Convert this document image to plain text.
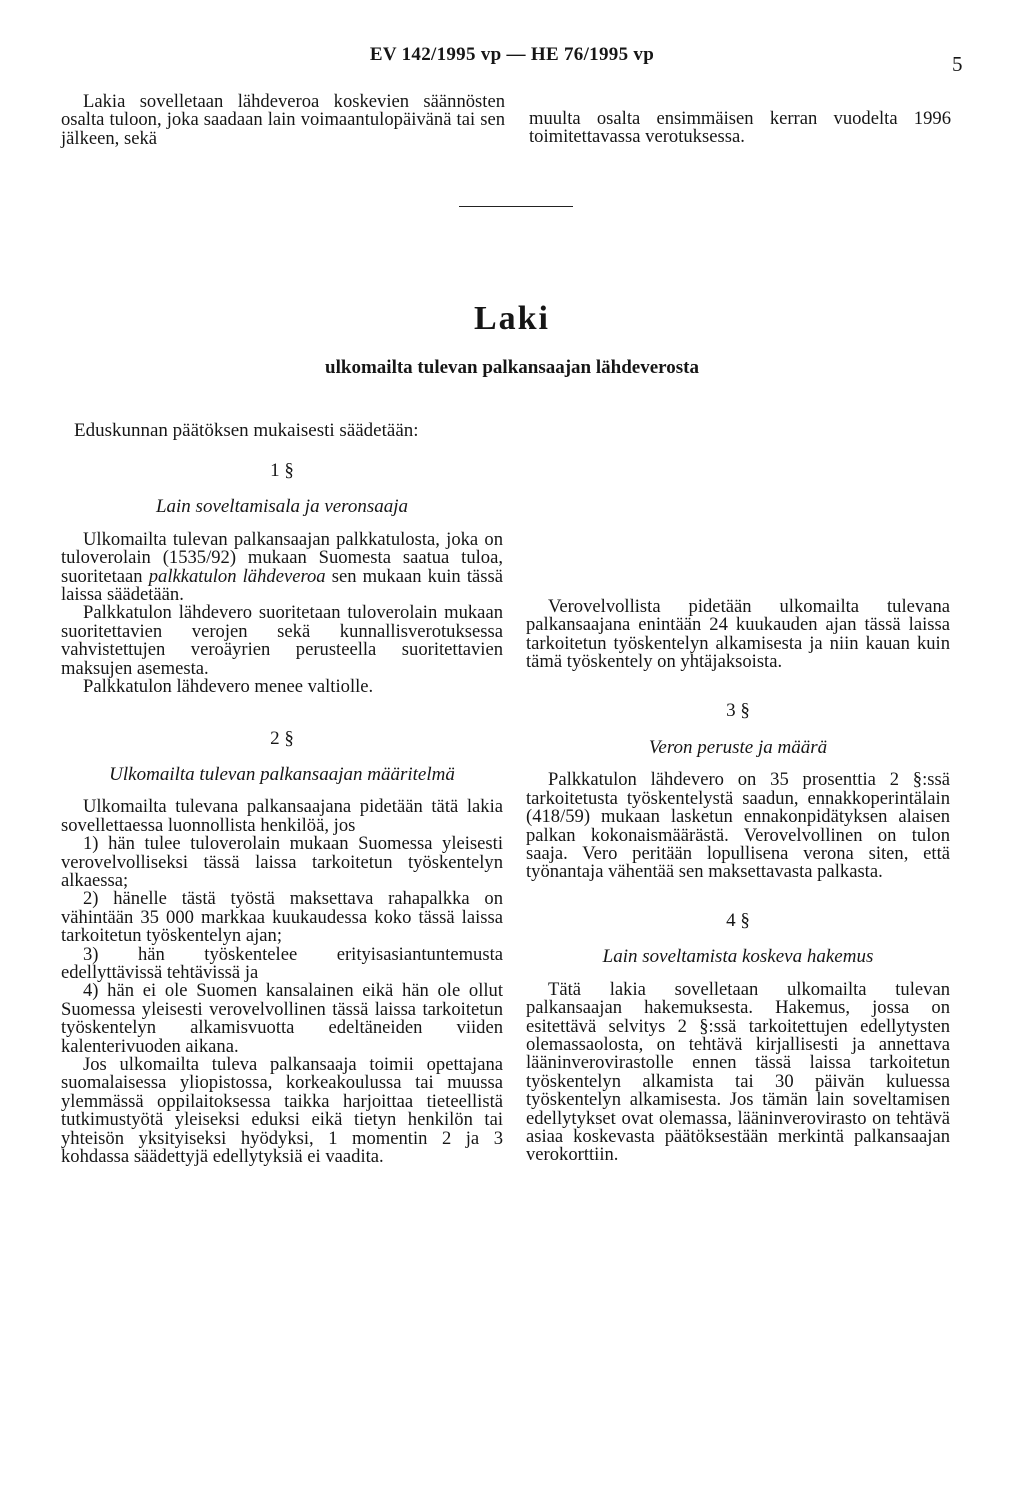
EV 142/1995 vp — HE 76/1995 vp	5

Lakia sovelletaan lähdeveroa koskevien säännösten osalta tuloon, joka saadaan lain voimaantulopäivänä tai sen jälkeen, sekä

muulta osalta ensimmäisen kerran vuodelta 1996 toimitettavassa verotuksessa.

Laki
ulkomailta tulevan palkansaajan lähdeverosta
Eduskunnan päätöksen mukaisesti säädetään:
1 §
Lain soveltamisala ja veronsaaja

Ulkomailta tulevan palkansaajan palkkatulosta, joka on tuloverolain (1535/92) mukaan Suomesta saatua tuloa, suoritetaan palkkatulon lähdeveroa sen mukaan kuin tässä laissa säädetään.

Palkkatulon lähdevero suoritetaan tuloverolain mukaan suoritettavien verojen sekä kunnallisverotuksessa vahvistettujen veroäyrien perusteella suoritettavien maksujen asemesta.

Palkkatulon lähdevero menee valtiolle.

2 §
Ulkomailta tulevan palkansaajan määritelmä

Ulkomailta tulevana palkansaajana pidetään tätä lakia sovellettaessa luonnollista henkilöä, jos

1) hän tulee tuloverolain mukaan Suomessa yleisesti verovelvolliseksi tässä laissa tarkoitetun työskentelyn alkaessa;

2) hänelle tästä työstä maksettava rahapalkka on vähintään 35 000 markkaa kuukaudessa koko tässä laissa tarkoitetun työskentelyn ajan;

3) hän työskentelee erityisasiantuntemusta edellyttävissä tehtävissä ja

4) hän ei ole Suomen kansalainen eikä hän ole ollut Suomessa yleisesti verovelvollinen tässä laissa tarkoitetun työskentelyn alkamisvuotta edeltäneiden viiden kalenterivuoden aikana.

Jos ulkomailta tuleva palkansaaja toimii opettajana suomalaisessa yliopistossa, korkeakoulussa tai muussa ylemmässä oppilaitoksessa taikka harjoittaa tieteellistä tutkimustyötä yleiseksi eduksi eikä tietyn henkilön tai yhteisön yksityiseksi hyödyksi, 1 momentin 2 ja 3 kohdassa säädettyjä edellytyksiä ei vaadita.

Verovelvollista pidetään ulkomailta tulevana palkansaajana enintään 24 kuukauden ajan tässä laissa tarkoitetun työskentelyn alkamisesta ja niin kauan kuin tämä työskentely on yhtäjaksoista.

3 §
Veron peruste ja määrä

Palkkatulon lähdevero on 35 prosenttia 2 §:ssä tarkoitetusta työskentelystä saadun, ennakkoperintälain (418/59) mukaan lasketun ennakonpidätyksen alaisen palkan kokonaismäärästä. Verovelvollinen on tulon saaja. Vero peritään lopullisena verona siten, että työnantaja vähentää sen maksettavasta palkasta.

4 §
Lain soveltamista koskeva hakemus

Tätä lakia sovelletaan ulkomailta tulevan palkansaajan hakemuksesta. Hakemus, jossa on esitettävä selvitys 2 §:ssä tarkoitettujen edellytysten olemassaolosta, on tehtävä kirjallisesti ja annettava lääninverovirastolle ennen tässä laissa tarkoitetun työskentelyn alkamista tai 30 päivän kuluessa työskentelyn alkamisesta. Jos tämän lain soveltamisen edellytykset ovat olemassa, lääninverovirasto on tehtävä asiaa koskevasta päätöksestään merkintä palkansaajan verokorttiin.
